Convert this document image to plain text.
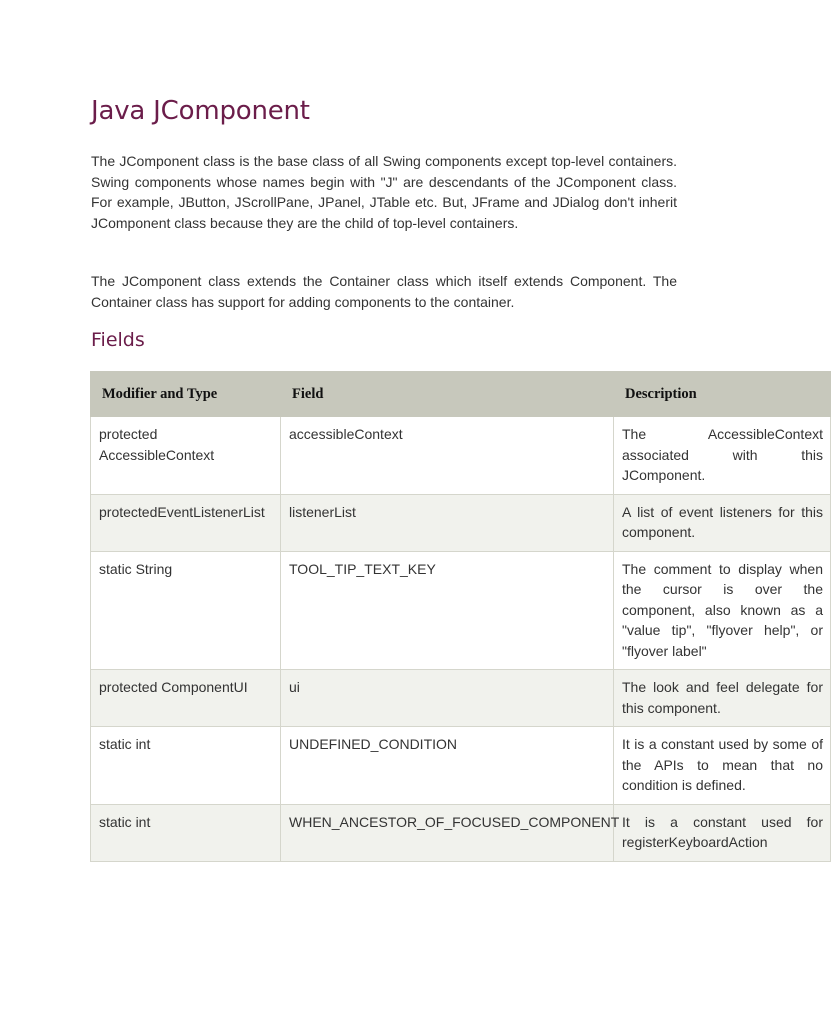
Java JComponent

The JComponent class is the base class of all Swing components except top-level containers. Swing components whose names begin with "J" are descendants of the JComponent class. For example, JButton, JScrollPane, JPanel, JTable etc. But, JFrame and JDialog don't inherit JComponent class because they are the child of top-level containers.

The JComponent class extends the Container class which itself extends Component. The Container class has support for adding components to the container.

Fields
Modifier and Type	Field	Description
protected AccessibleContext	accessibleContext	The AccessibleContext associated with this JComponent.
protectedEventListenerList	listenerList	A list of event listeners for this component.
static String	TOOL_TIP_TEXT_KEY	The comment to display when the cursor is over the component, also known as a "value tip", "flyover help", or "flyover label"
protected ComponentUI	ui	The look and feel delegate for this component.
static int	UNDEFINED_CONDITION	It is a constant used by some of the APIs to mean that no condition is defined.
static int	WHEN_ANCESTOR_OF_FOCUSED_COMPONENT	It is a constant used for registerKeyboardAction
